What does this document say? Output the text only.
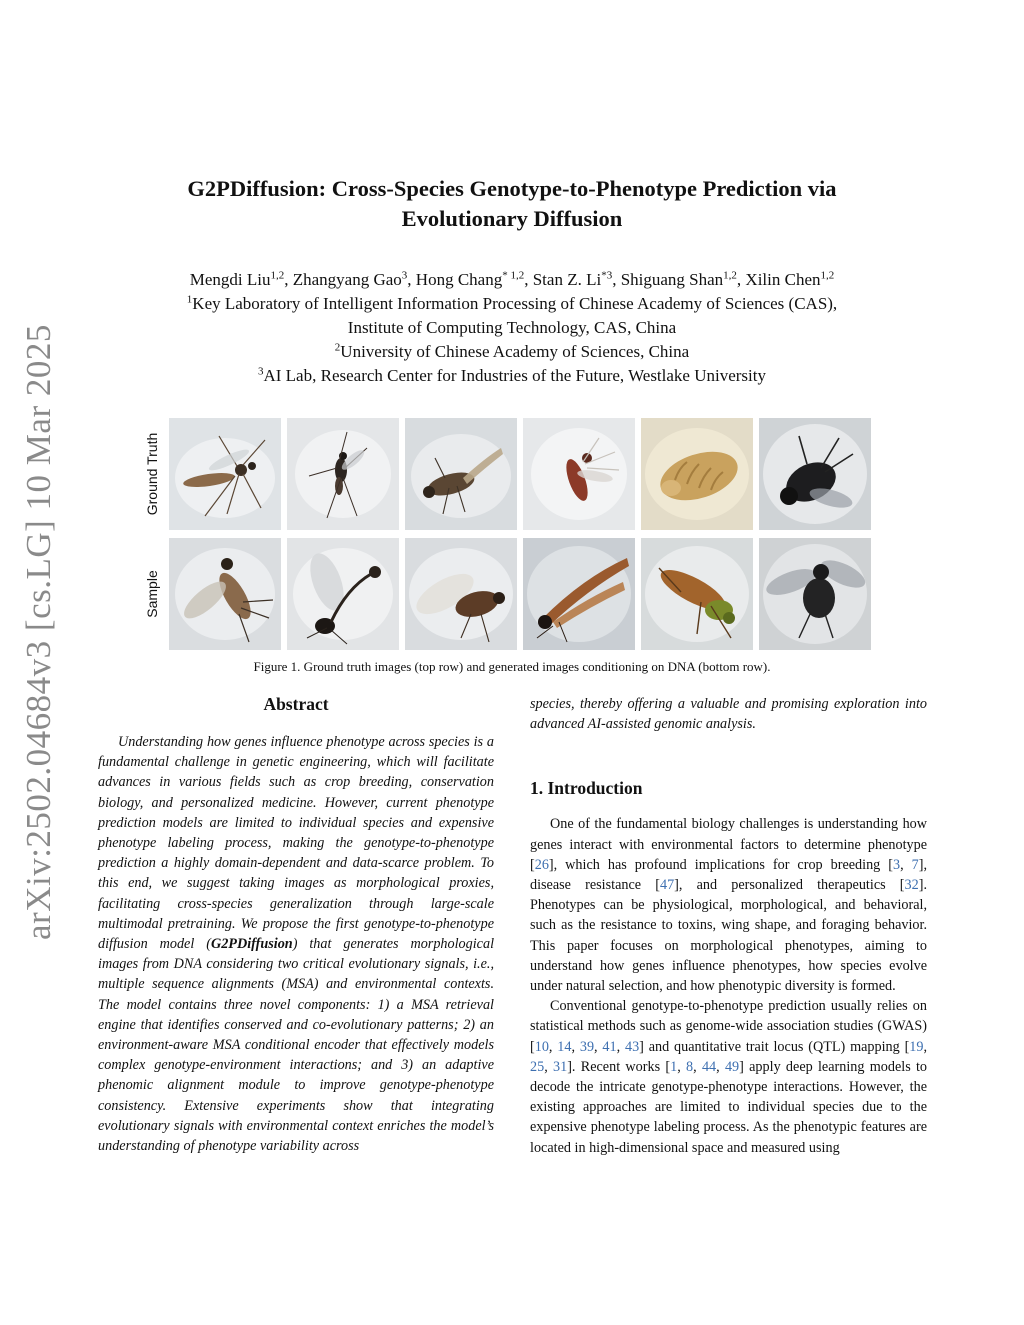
arXiv:2502.04684v3 [cs.LG] 10 Mar 2025
G2PDiffusion: Cross-Species Genotype-to-Phenotype Prediction via
Evolutionary Diffusion
Mengdi Liu$^{1,2}$, Zhangyang Gao$^3$, Hong Chang$^{* 1,2}$, Stan Z. Li$^{*3}$, Shiguang Shan$^{1,2}$, Xilin Chen$^{1,2}$
$^1$Key Laboratory of Intelligent Information Processing of Chinese Academy of Sciences (CAS),
Institute of Computing Technology, CAS, China
$^2$University of Chinese Academy of Sciences, China
$^3$AI Lab, Research Center for Industries of the Future, Westlake University
Ground Truth
Sample
Figure 1. Ground truth images (top row) and generated images conditioning on DNA (bottom row).
Abstract

Understanding how genes influence phenotype across species is a fundamental challenge in genetic engineering, which will facilitate advances in various fields such as crop breeding, conservation biology, and personalized medicine. However, current phenotype prediction models are limited to individual species and expensive phenotype labeling process, making the genotype-to-phenotype prediction a highly domain-dependent and data-scarce problem. To this end, we suggest taking images as morphological proxies, facilitating cross-species generalization through large-scale multimodal pretraining. We propose the first genotype-to-phenotype diffusion model (G2PDiffusion) that generates morphological images from DNA considering two critical evolutionary signals, i.e., multiple sequence alignments (MSA) and environmental contexts. The model contains three novel components: 1) a MSA retrieval engine that identifies conserved and co-evolutionary patterns; 2) an environment-aware MSA conditional encoder that effectively models complex genotype-environment interactions; and 3) an adaptive phenomic alignment module to improve genotype-phenotype consistency. Extensive experiments show that integrating evolutionary signals with environmental context enriches the model’s understanding of phenotype variability across

species, thereby offering a valuable and promising exploration into advanced AI-assisted genomic analysis.

1. Introduction

One of the fundamental biology challenges is understanding how genes interact with environmental factors to determine phenotype [26], which has profound implications for crop breeding [3, 7], disease resistance [47], and personalized therapeutics [32]. Phenotypes can be physiological, morphological, and behavioral, such as the resistance to toxins, wing shape, and foraging behavior. This paper focuses on morphological phenotypes, aiming to understand how genes influence phenotypes, how species evolve under natural selection, and how phenotypic diversity is formed.

Conventional genotype-to-phenotype prediction usually relies on statistical methods such as genome-wide association studies (GWAS) [10, 14, 39, 41, 43] and quantitative trait locus (QTL) mapping [19, 25, 31]. Recent works [1, 8, 44, 49] apply deep learning models to decode the intricate genotype-phenotype interactions. However, the existing approaches are limited to individual species due to the expensive phenotype labeling process. As the phenotypic features are located in high-dimensional space and measured using
